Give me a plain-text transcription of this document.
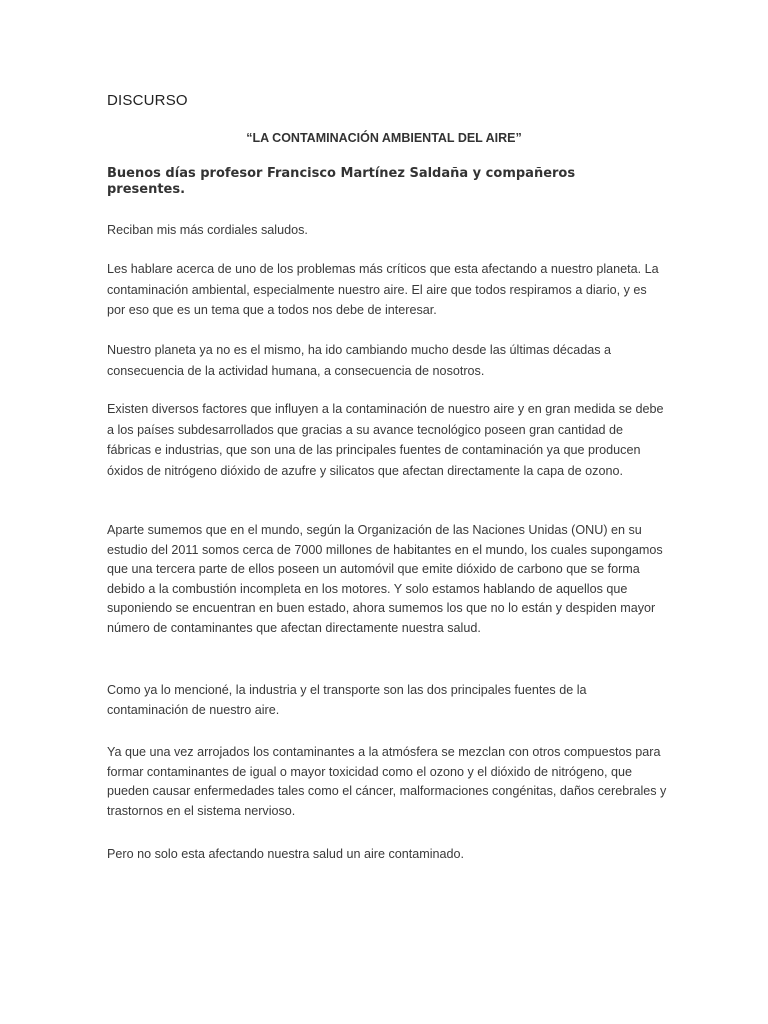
DISCURSO
“LA CONTAMINACIÓN AMBIENTAL DEL AIRE”
Buenos días profesor Francisco Martínez Saldaña y compañeros presentes.

Reciban mis más cordiales saludos.

Les hablare acerca de uno de los problemas más críticos que esta afectando a nuestro planeta. La contaminación ambiental, especialmente nuestro aire. El aire que todos respiramos a diario, y es por eso que es un tema que a todos nos debe de interesar.

Nuestro planeta ya no es el mismo, ha ido cambiando mucho desde las últimas décadas a consecuencia de la actividad humana, a consecuencia de nosotros.

Existen diversos factores que influyen a la contaminación de nuestro aire y en gran medida se debe a los países subdesarrollados que gracias a su avance tecnológico poseen gran cantidad de fábricas e industrias, que son una de las principales fuentes de contaminación ya que producen óxidos de nitrógeno dióxido de azufre y silicatos que afectan directamente la capa de ozono.

Aparte sumemos que en el mundo, según la Organización de las Naciones Unidas (ONU) en su estudio del 2011 somos cerca de 7000 millones de habitantes en el mundo, los cuales supongamos que una tercera parte de ellos poseen un automóvil que emite dióxido de carbono que se forma debido a la combustión incompleta en los motores. Y solo estamos hablando de aquellos que suponiendo se encuentran en buen estado, ahora sumemos los que no lo están y despiden mayor número de contaminantes que afectan directamente nuestra salud.

Como ya lo mencioné, la industria y el transporte son las dos principales fuentes de la contaminación de nuestro aire.

Ya que una vez arrojados los contaminantes a la atmósfera se mezclan con otros compuestos para formar contaminantes de igual o mayor toxicidad como el ozono y el dióxido de nitrógeno, que pueden causar enfermedades tales como el cáncer, malformaciones congénitas, daños cerebrales y trastornos en el sistema nervioso.

Pero no solo esta afectando nuestra salud un aire contaminado.
